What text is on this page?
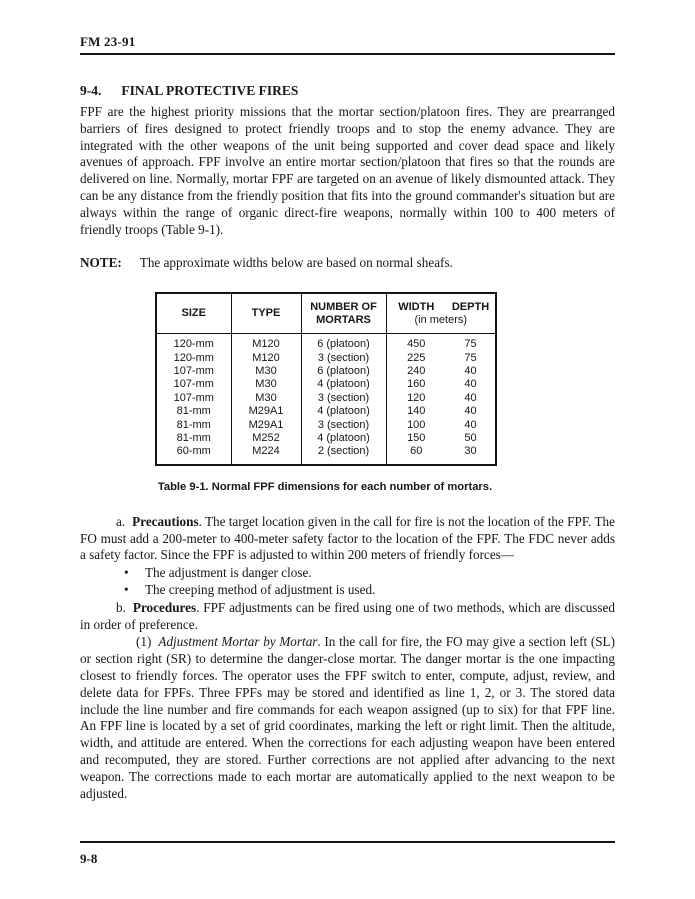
FM 23-91
9-4. FINAL PROTECTIVE FIRES

FPF are the highest priority missions that the mortar section/platoon fires. They are prearranged barriers of fires designed to protect friendly troops and to stop the enemy advance. They are integrated with the other weapons of the unit being supported and cover dead space and likely avenues of approach. FPF involve an entire mortar section/platoon that fires so that the rounds are delivered on line. Normally, mortar FPF are targeted on an avenue of likely dismounted attack. They can be any distance from the friendly position that fits into the ground commander's situation but are always within the range of organic direct-fire weapons, normally within 100 to 400 meters of friendly troops (Table 9-1).

NOTE: The approximate widths below are based on normal sheafs.

SIZE	TYPE	NUMBER OF MORTARS	WIDTH	DEPTH
			(in meters)	
120-mm	M120	6 (platoon)	450	75
120-mm	M120	3 (section)	225	75
107-mm	M30	6 (platoon)	240	40
107-mm	M30	4 (platoon)	160	40
107-mm	M30	3 (section)	120	40
81-mm	M29A1	4 (platoon)	140	40
81-mm	M29A1	3 (section)	100	40
81-mm	M252	4 (platoon)	150	50
60-mm	M224	2 (section)	60	30

Table 9-1. Normal FPF dimensions for each number of mortars.

a. Precautions. The target location given in the call for fire is not the location of the FPF. The FO must add a 200-meter to 400-meter safety factor to the location of the FPF. The FDC never adds a safety factor. Since the FPF is adjusted to within 200 meters of friendly forces—

• The adjustment is danger close.
• The creeping method of adjustment is used.

b. Procedures. FPF adjustments can be fired using one of two methods, which are discussed in order of preference.

(1) Adjustment Mortar by Mortar. In the call for fire, the FO may give a section left (SL) or section right (SR) to determine the danger-close mortar. The danger mortar is the one impacting closest to friendly forces. The operator uses the FPF switch to enter, compute, adjust, review, and delete data for FPFs. Three FPFs may be stored and identified as line 1, 2, or 3. The stored data include the line number and fire commands for each weapon assigned (up to six) for that FPF line. An FPF line is located by a set of grid coordinates, marking the left or right limit. Then the altitude, width, and attitude are entered. When the corrections for each adjusting weapon have been entered and recomputed, they are stored. Further corrections are not applied after advancing to the next weapon. The corrections made to each mortar are automatically applied to the next weapon to be adjusted.

9-8
